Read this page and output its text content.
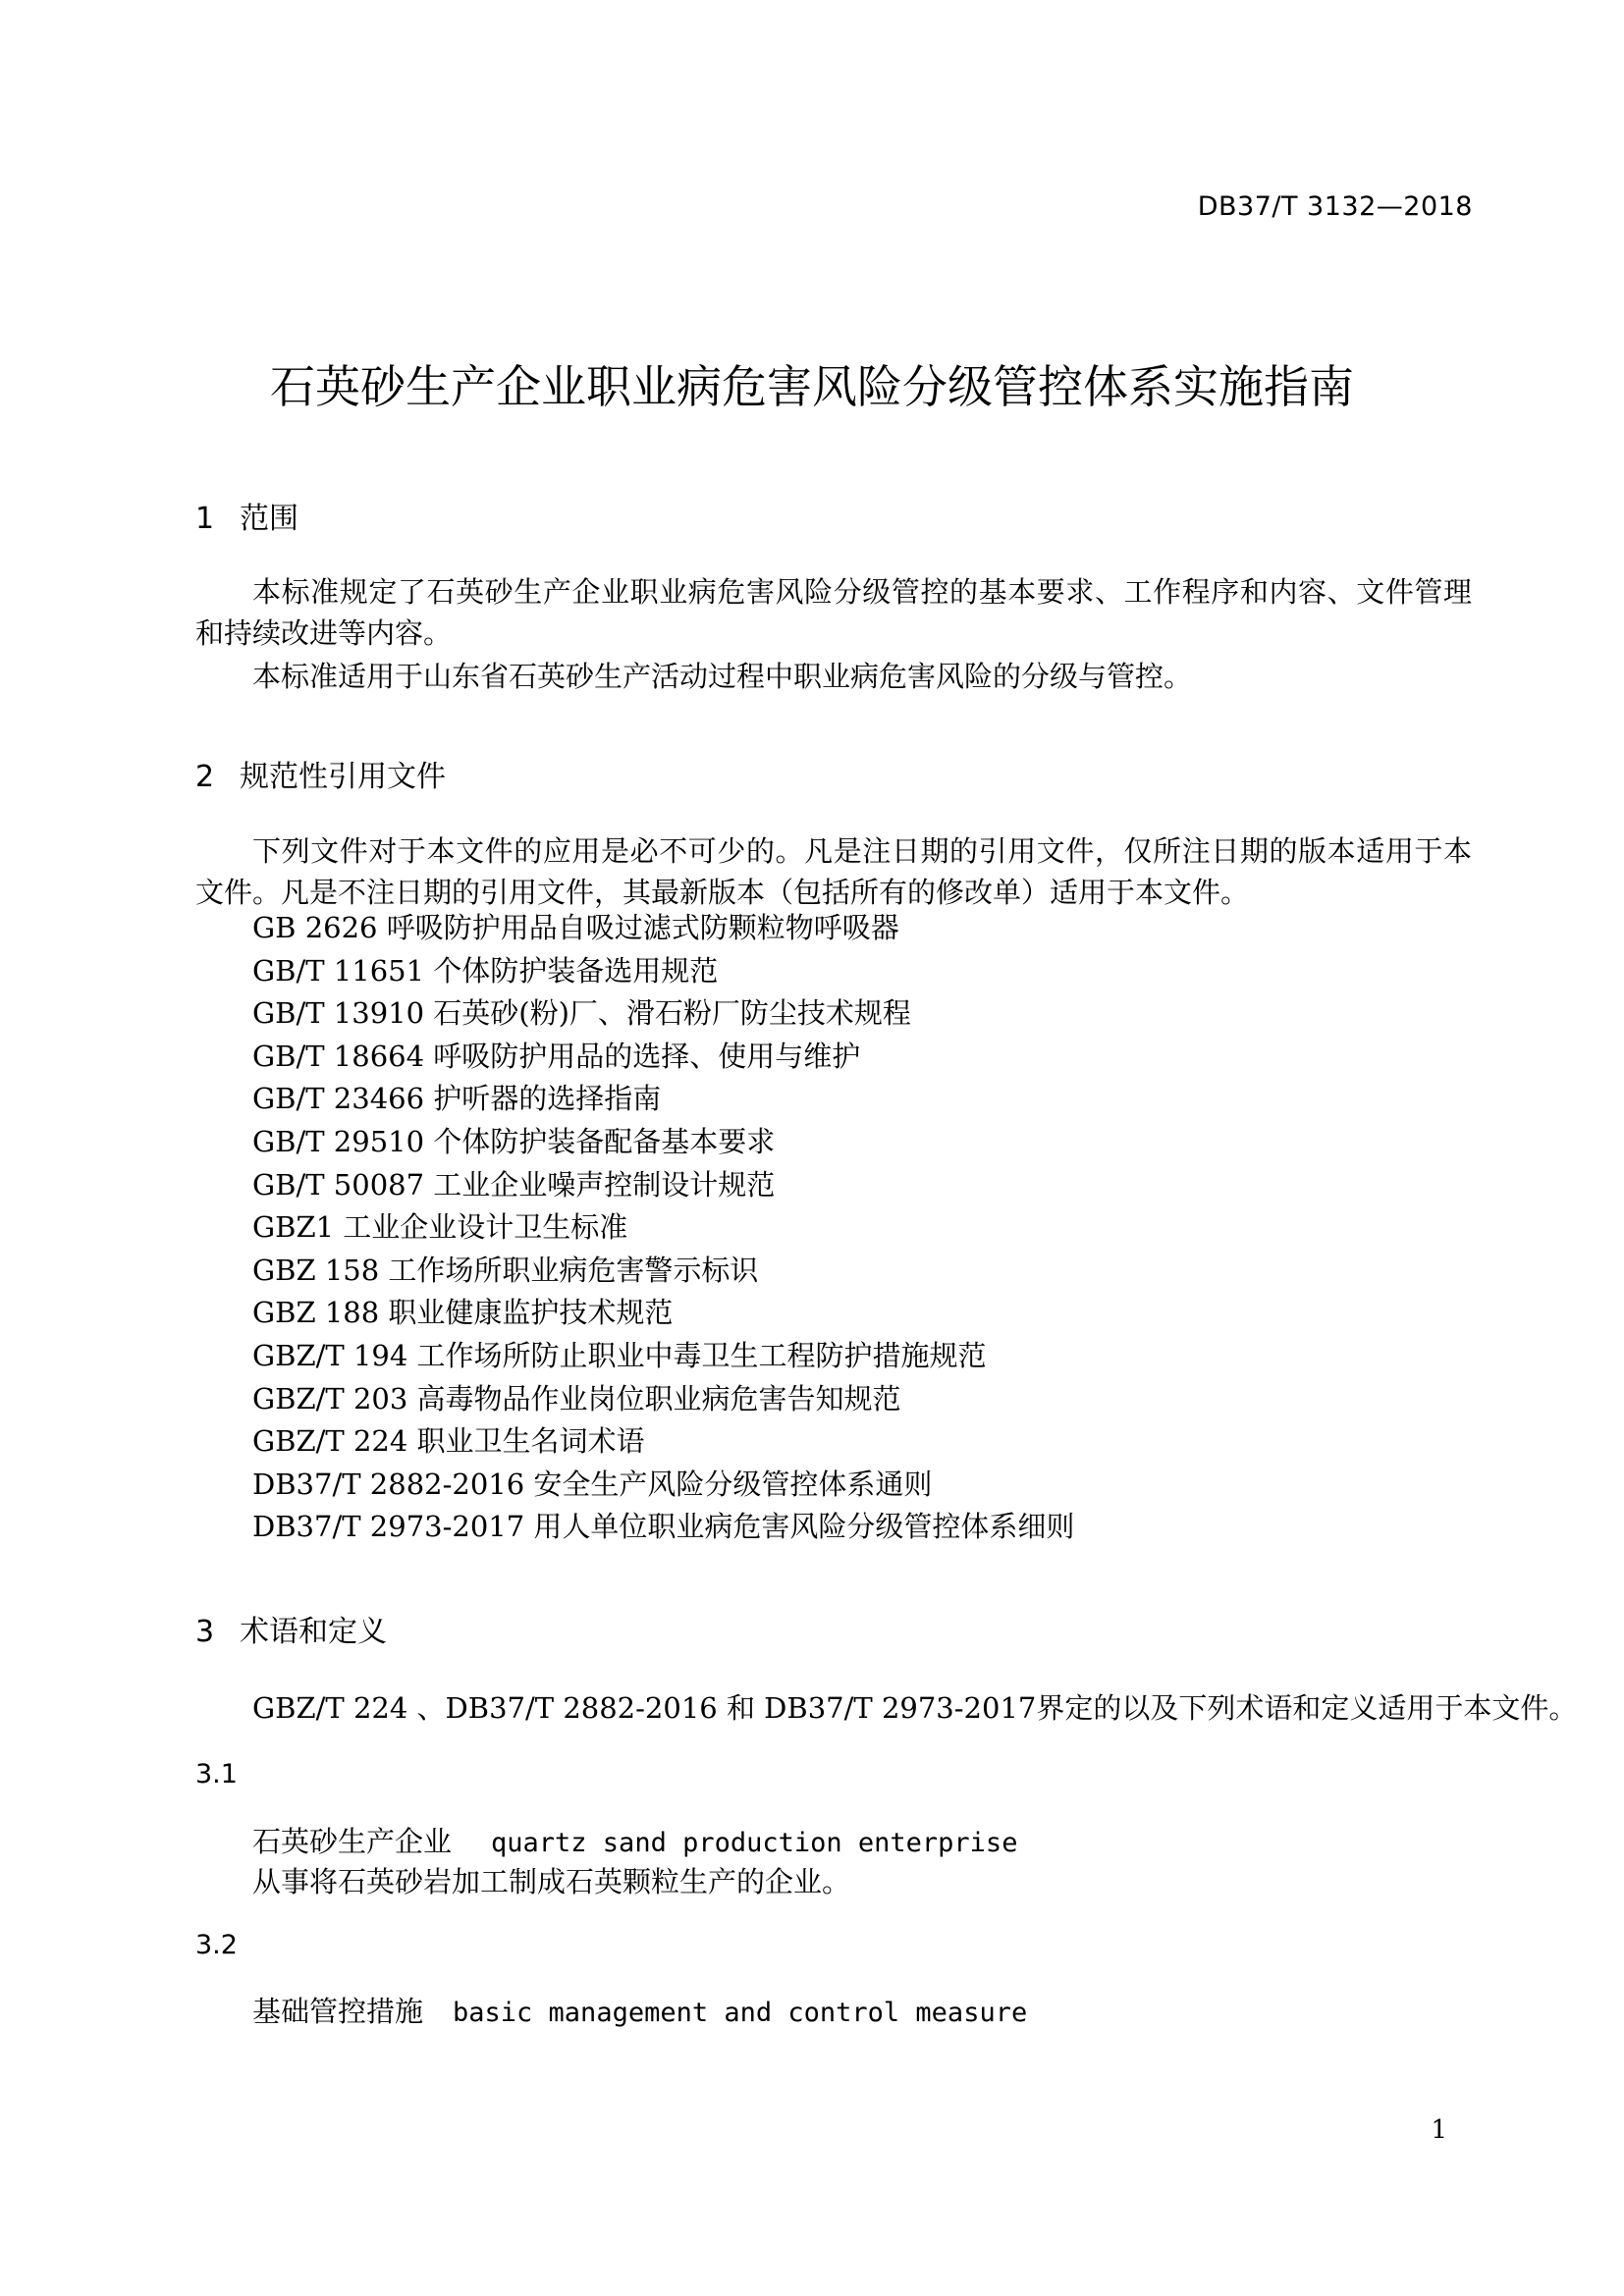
DB37/T 3132—2018
石英砂生产企业职业病危害风险分级管控体系实施指南
1 范围

本标准规定了石英砂生产企业职业病危害风险分级管控的基本要求、工作程序和内容、文件管理和持续改进等内容。

本标准适用于山东省石英砂生产活动过程中职业病危害风险的分级与管控。

2 规范性引用文件

下列文件对于本文件的应用是必不可少的。凡是注日期的引用文件，仅所注日期的版本适用于本文件。凡是不注日期的引用文件，其最新版本（包括所有的修改单）适用于本文件。

GB 2626 呼吸防护用品自吸过滤式防颗粒物呼吸器
GB/T 11651 个体防护装备选用规范
GB/T 13910 石英砂(粉)厂、滑石粉厂防尘技术规程
GB/T 18664 呼吸防护用品的选择、使用与维护
GB/T 23466 护听器的选择指南
GB/T 29510 个体防护装备配备基本要求
GB/T 50087 工业企业噪声控制设计规范
GBZ1 工业企业设计卫生标准
GBZ 158 工作场所职业病危害警示标识
GBZ 188 职业健康监护技术规范
GBZ/T 194 工作场所防止职业中毒卫生工程防护措施规范
GBZ/T 203 高毒物品作业岗位职业病危害告知规范
GBZ/T 224 职业卫生名词术语
DB37/T 2882-2016 安全生产风险分级管控体系通则
DB37/T 2973-2017 用人单位职业病危害风险分级管控体系细则
3 术语和定义
GBZ/T 224 、DB37/T 2882-2016 和 DB37/T 2973-2017界定的以及下列术语和定义适用于本文件。
3.1
石英砂生产企业 quartz sand production enterprise
从事将石英砂岩加工制成石英颗粒生产的企业。
3.2
基础管控措施 basic management and control measure
1
